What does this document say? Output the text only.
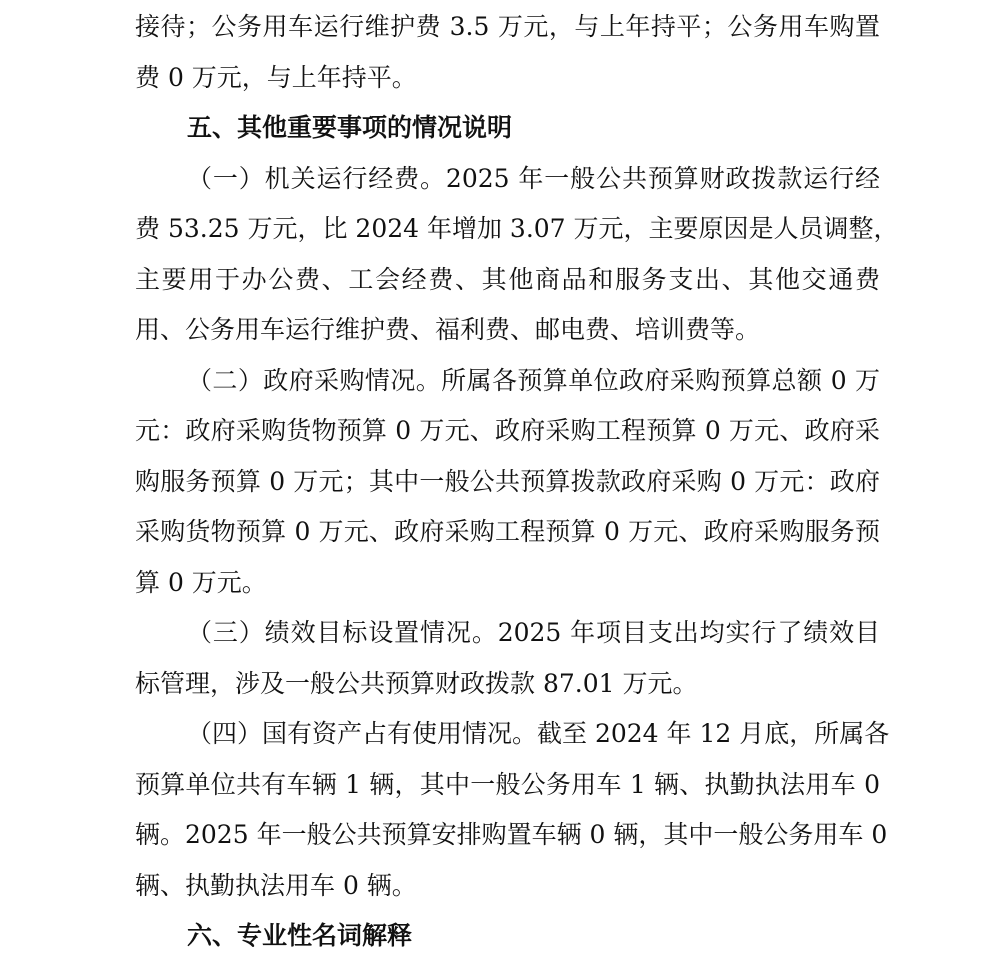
接待；公务用车运行维护费 3.5 万元，与上年持平；公务用车购置
费 0 万元，与上年持平。
五、其他重要事项的情况说明
（一）机关运行经费。2025 年一般公共预算财政拨款运行经
费 53.25 万元，比 2024 年增加 3.07 万元，主要原因是人员调整，
主要用于办公费、工会经费、其他商品和服务支出、其他交通费
用、公务用车运行维护费、福利费、邮电费、培训费等。
（二）政府采购情况。所属各预算单位政府采购预算总额 0 万
元：政府采购货物预算 0 万元、政府采购工程预算 0 万元、政府采
购服务预算 0 万元；其中一般公共预算拨款政府采购 0 万元：政府
采购货物预算 0 万元、政府采购工程预算 0 万元、政府采购服务预
算 0 万元。
（三）绩效目标设置情况。2025 年项目支出均实行了绩效目
标管理，涉及一般公共预算财政拨款 87.01 万元。
（四）国有资产占有使用情况。截至 2024 年 12 月底，所属各
预算单位共有车辆 1 辆，其中一般公务用车 1 辆、执勤执法用车 0
辆。2025 年一般公共预算安排购置车辆 0 辆，其中一般公务用车 0
辆、执勤执法用车 0 辆。
六、专业性名词解释
